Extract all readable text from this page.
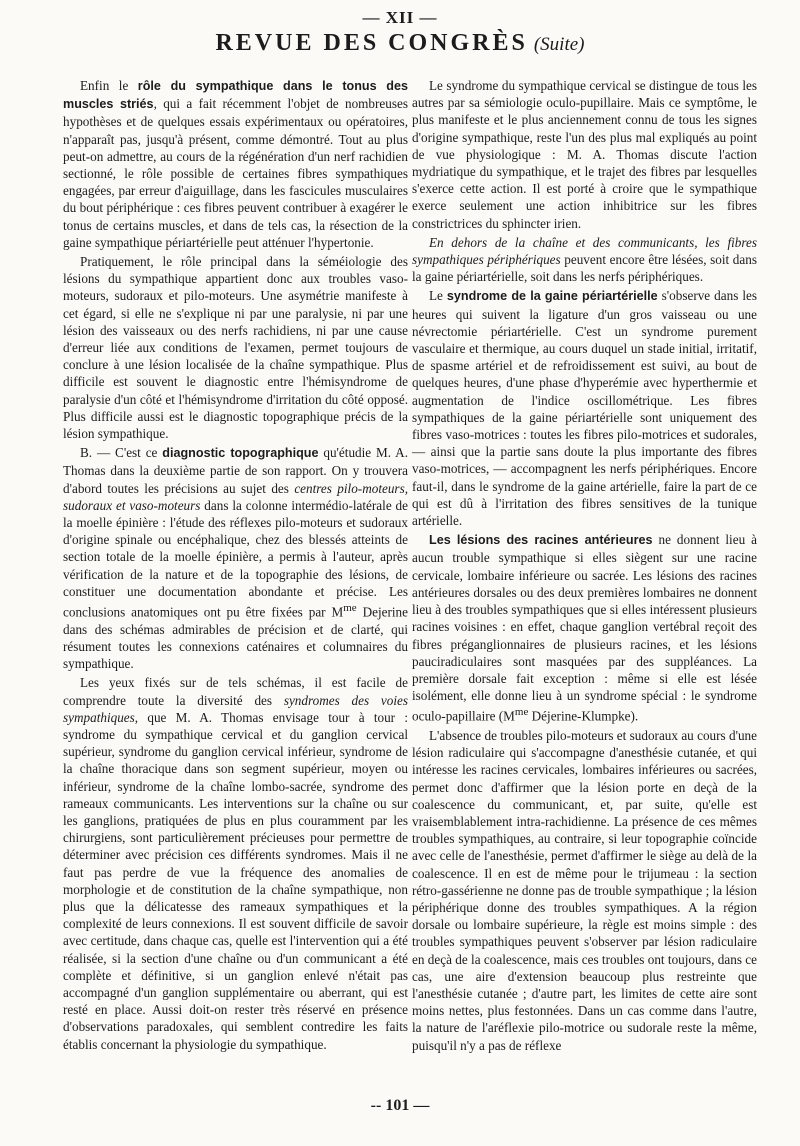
— XII —
REVUE DES CONGRÈS (Suite)

Enfin le rôle du sympathique dans le tonus des muscles striés, qui a fait récemment l'objet de nombreuses hypothèses et de quelques essais expérimentaux ou opératoires, n'apparaît pas, jusqu'à présent, comme démontré. Tout au plus peut-on admettre, au cours de la régénération d'un nerf rachidien sectionné, le rôle possible de certaines fibres sympathiques engagées, par erreur d'aiguillage, dans les fascicules musculaires du bout périphérique : ces fibres peuvent contribuer à exagérer le tonus de certains muscles, et dans de tels cas, la résection de la gaine sympathique périartérielle peut atténuer l'hypertonie.

Pratiquement, le rôle principal dans la séméiologie des lésions du sympathique appartient donc aux troubles vaso-moteurs, sudoraux et pilo-moteurs. Une asymétrie manifeste à cet égard, si elle ne s'explique ni par une paralysie, ni par une lésion des vaisseaux ou des nerfs rachidiens, ni par une cause d'erreur liée aux conditions de l'examen, permet toujours de conclure à une lésion localisée de la chaîne sympathique. Plus difficile est souvent le diagnostic entre l'hémisyndrome de paralysie d'un côté et l'hémisyndrome d'irritation du côté opposé. Plus difficile aussi est le diagnostic topographique précis de la lésion sympathique.

B. — C'est ce diagnostic topographique qu'étudie M. A. Thomas dans la deuxième partie de son rapport. On y trouvera d'abord toutes les précisions au sujet des centres pilo-moteurs, sudoraux et vaso-moteurs dans la colonne intermédio-latérale de la moelle épinière : l'étude des réflexes pilo-moteurs et sudoraux d'origine spinale ou encéphalique, chez des blessés atteints de section totale de la moelle épinière, a permis à l'auteur, après vérification de la nature et de la topographie des lésions, de constituer une documentation abondante et précise. Les conclusions anatomiques ont pu être fixées par $M^{me}$ Dejerine dans des schémas admirables de précision et de clarté, qui résument toutes les connexions caténaires et columnaires du sympathique.

Les yeux fixés sur de tels schémas, il est facile de comprendre toute la diversité des syndromes des voies sympathiques, que M. A. Thomas envisage tour à tour : syndrome du sympathique cervical et du ganglion cervical supérieur, syndrome du ganglion cervical inférieur, syndrome de la chaîne thoracique dans son segment supérieur, moyen ou inférieur, syndrome de la chaîne lombo-sacrée, syndrome des rameaux communicants. Les interventions sur la chaîne ou sur les ganglions, pratiquées de plus en plus couramment par les chirurgiens, sont particulièrement précieuses pour permettre de déterminer avec précision ces différents syndromes. Mais il ne faut pas perdre de vue la fréquence des anomalies de morphologie et de constitution de la chaîne sympathique, non plus que la délicatesse des rameaux sympathiques et la complexité de leurs connexions. Il est souvent difficile de savoir avec certitude, dans chaque cas, quelle est l'intervention qui a été réalisée, si la section d'une chaîne ou d'un communicant a été complète et définitive, si un ganglion enlevé n'était pas accompagné d'un ganglion supplémentaire ou aberrant, qui est resté en place. Aussi doit-on rester très réservé en présence d'observations paradoxales, qui semblent contredire les faits établis concernant la physiologie du sympathique.

Le syndrome du sympathique cervical se distingue de tous les autres par sa sémiologie oculo-pupillaire. Mais ce symptôme, le plus manifeste et le plus anciennement connu de tous les signes d'origine sympathique, reste l'un des plus mal expliqués au point de vue physiologique : M. A. Thomas discute l'action mydriatique du sympathique, et le trajet des fibres par lesquelles s'exerce cette action. Il est porté à croire que le sympathique exerce seulement une action inhibitrice sur les fibres constrictrices du sphincter irien.

En dehors de la chaîne et des communicants, les fibres sympathiques périphériques peuvent encore être lésées, soit dans la gaine périartérielle, soit dans les nerfs périphériques.

Le syndrome de la gaine périartérielle s'observe dans les heures qui suivent la ligature d'un gros vaisseau ou une névrectomie périartérielle. C'est un syndrome purement vasculaire et thermique, au cours duquel un stade initial, irritatif, de spasme artériel et de refroidissement est suivi, au bout de quelques heures, d'une phase d'hyperémie avec hyperthermie et augmentation de l'indice oscillométrique. Les fibres sympathiques de la gaine périartérielle sont uniquement des fibres vaso-motrices : toutes les fibres pilo-motrices et sudorales, — ainsi que la partie sans doute la plus importante des fibres vaso-motrices, — accompagnent les nerfs périphériques. Encore faut-il, dans le syndrome de la gaine artérielle, faire la part de ce qui est dû à l'irritation des fibres sensitives de la tunique artérielle.

Les lésions des racines antérieures ne donnent lieu à aucun trouble sympathique si elles siègent sur une racine cervicale, lombaire inférieure ou sacrée. Les lésions des racines antérieures dorsales ou des deux premières lombaires ne donnent lieu à des troubles sympathiques que si elles intéressent plusieurs racines voisines : en effet, chaque ganglion vertébral reçoit des fibres préganglionnaires de plusieurs racines, et les lésions pauciradiculaires sont masquées par des suppléances. La première dorsale fait exception : même si elle est lésée isolément, elle donne lieu à un syndrome spécial : le syndrome oculo-papillaire ($M^{me}$ Déjerine-Klumpke).

L'absence de troubles pilo-moteurs et sudoraux au cours d'une lésion radiculaire qui s'accompagne d'anesthésie cutanée, et qui intéresse les racines cervicales, lombaires inférieures ou sacrées, permet donc d'affirmer que la lésion porte en deçà de la coalescence du communicant, et, par suite, qu'elle est vraisemblablement intra-rachidienne. La présence de ces mêmes troubles sympathiques, au contraire, si leur topographie coïncide avec celle de l'anesthésie, permet d'affirmer le siège au delà de la coalescence. Il en est de même pour le trijumeau : la section rétro-gassérienne ne donne pas de trouble sympathique ; la lésion périphérique donne des troubles sympathiques. A la région dorsale ou lombaire supérieure, la règle est moins simple : des troubles sympathiques peuvent s'observer par lésion radiculaire en deçà de la coalescence, mais ces troubles ont toujours, dans ce cas, une aire d'extension beaucoup plus restreinte que l'anesthésie cutanée ; d'autre part, les limites de cette aire sont moins nettes, plus festonnées. Dans un cas comme dans l'autre, la nature de l'aréflexie pilo-motrice ou sudorale reste la même, puisqu'il n'y a pas de réflexe

-- 101 —
